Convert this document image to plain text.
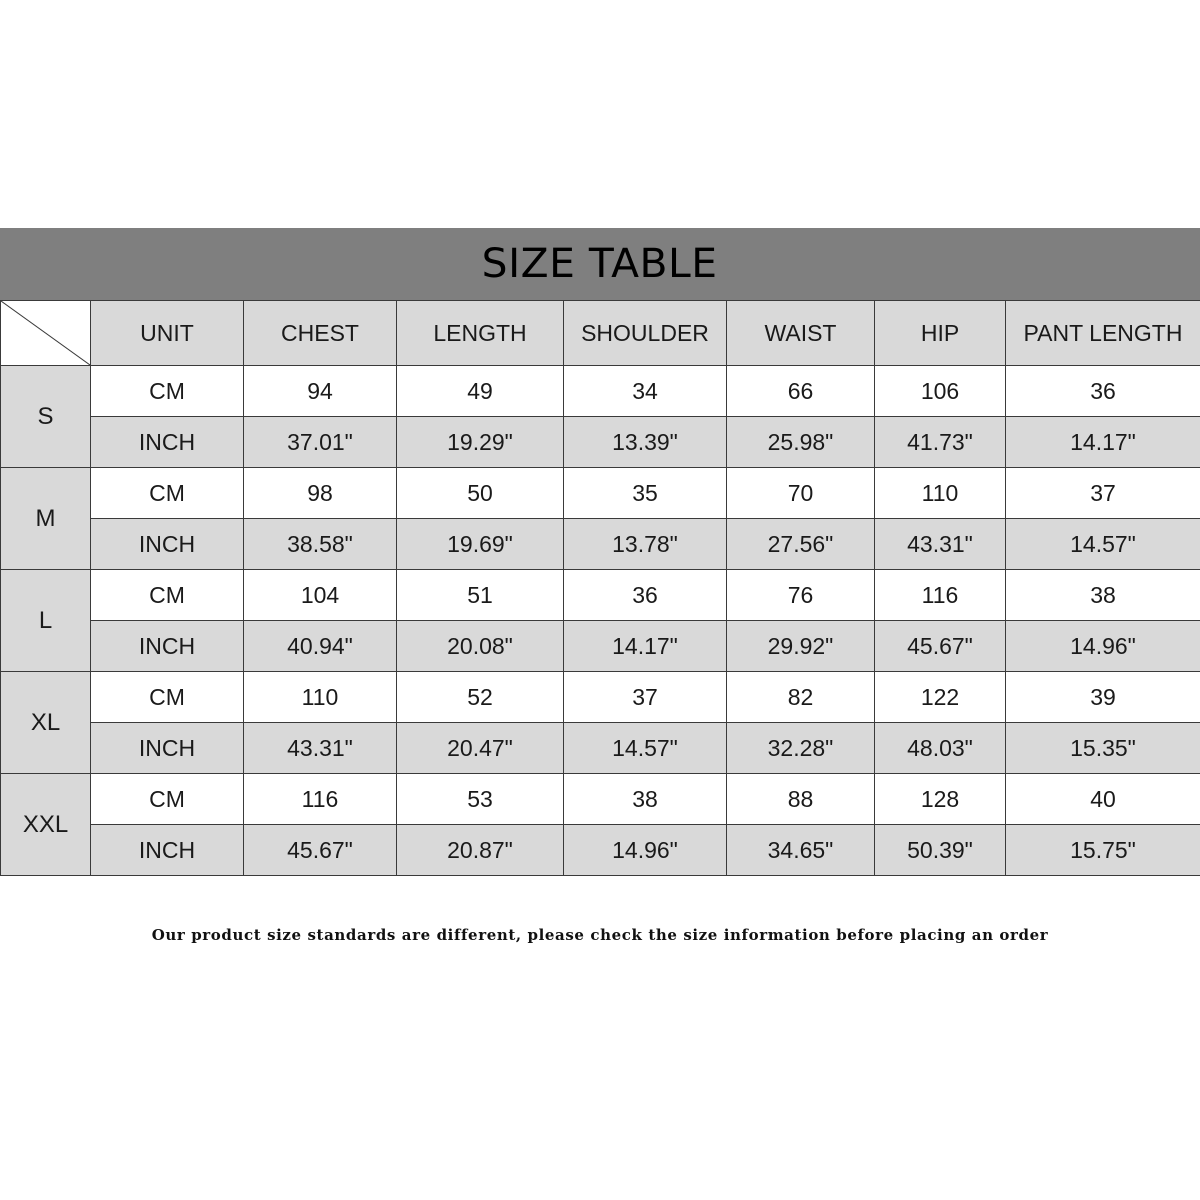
SIZE TABLE
	UNIT	CHEST	LENGTH	SHOULDER	WAIST	HIP	PANT LENGTH
S	CM	94	49	34	66	106	36
	INCH	37.01"	19.29"	13.39"	25.98"	41.73"	14.17"
M	CM	98	50	35	70	110	37
	INCH	38.58"	19.69"	13.78"	27.56"	43.31"	14.57"
L	CM	104	51	36	76	116	38
	INCH	40.94"	20.08"	14.17"	29.92"	45.67"	14.96"
XL	CM	110	52	37	82	122	39
	INCH	43.31"	20.47"	14.57"	32.28"	48.03"	15.35"
XXL	CM	116	53	38	88	128	40
	INCH	45.67"	20.87"	14.96"	34.65"	50.39"	15.75"
Our product size standards are different, please check the size information before placing an order
